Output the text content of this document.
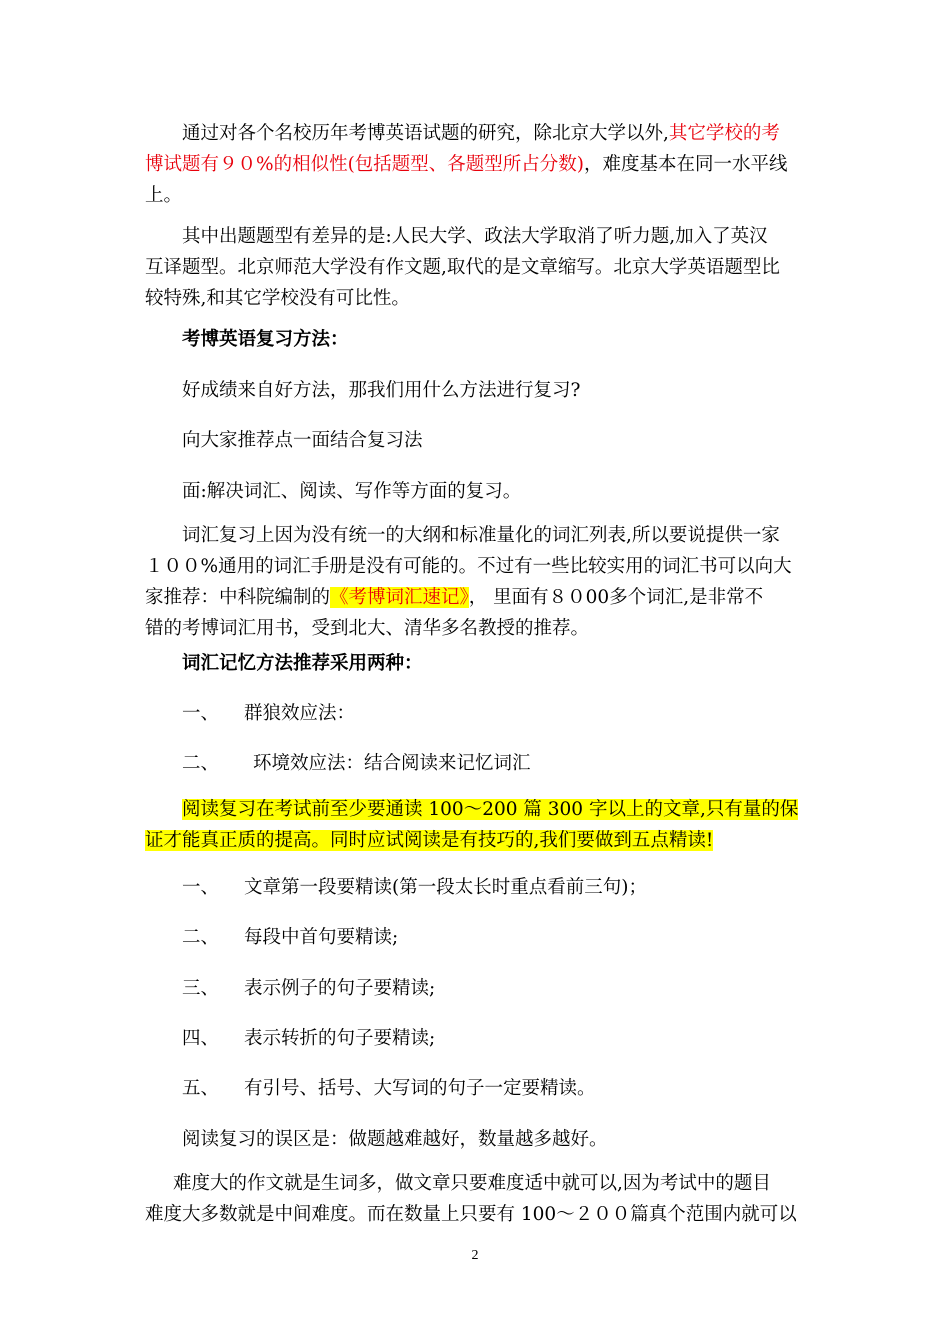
通过对各个名校历年考博英语试题的研究，除北京大学以外,其它学校的考
博试题有９０%的相似性(包括题型、各题型所占分数)，难度基本在同一水平线
上。
其中出题题型有差异的是:人民大学、政法大学取消了听力题,加入了英汉
互译题型。北京师范大学没有作文题,取代的是文章缩写。北京大学英语题型比
较特殊,和其它学校没有可比性。
考博英语复习方法：
好成绩来自好方法，那我们用什么方法进行复习?
向大家推荐点一面结合复习法
面:解决词汇、阅读、写作等方面的复习。
词汇复习上因为没有统一的大纲和标准量化的词汇列表,所以要说提供一家
１００%通用的词汇手册是没有可能的。不过有一些比较实用的词汇书可以向大
家推荐：中科院编制的《考博词汇速记》， 里面有８０00多个词汇,是非常不
错的考博词汇用书，受到北大、清华多名教授的推荐。
词汇记忆方法推荐采用两种：
一、 群狼效应法：
二、 环境效应法：结合阅读来记忆词汇
阅读复习在考试前至少要通读 100～200 篇 300 字以上的文章,只有量的保
证才能真正质的提高。同时应试阅读是有技巧的,我们要做到五点精读!
一、 文章第一段要精读(第一段太长时重点看前三句)；
二、 每段中首句要精读;
三、 表示例子的句子要精读;
四、 表示转折的句子要精读;
五、 有引号、括号、大写词的句子一定要精读。
阅读复习的误区是：做题越难越好，数量越多越好。
难度大的作文就是生词多，做文章只要难度适中就可以,因为考试中的题目
难度大多数就是中间难度。而在数量上只要有 100～２００篇真个范围内就可以
2
